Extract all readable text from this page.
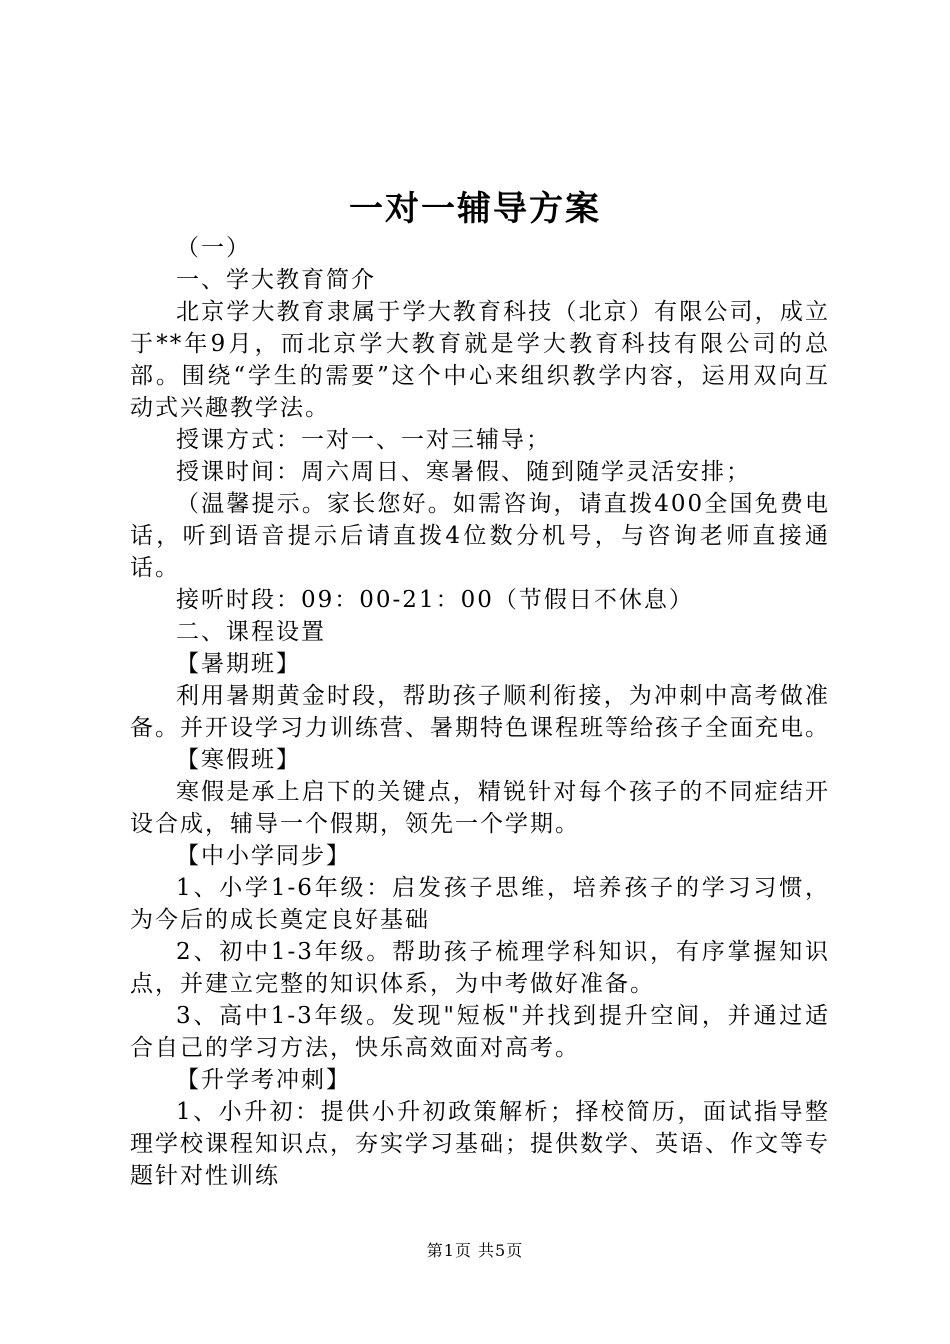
一对一辅导方案

（一）

一、学大教育简介

北京学大教育隶属于学大教育科技（北京）有限公司，成立于**年9月，而北京学大教育就是学大教育科技有限公司的总部。围绕“学生的需要”这个中心来组织教学内容，运用双向互动式兴趣教学法。

授课方式：一对一、一对三辅导；

授课时间：周六周日、寒暑假、随到随学灵活安排；

（温馨提示。家长您好。如需咨询，请直拨400全国免费电话，听到语音提示后请直拨4位数分机号，与咨询老师直接通话。

接听时段：09：00-21：00（节假日不休息）

二、课程设置

【暑期班】

利用暑期黄金时段，帮助孩子顺利衔接，为冲刺中高考做准备。并开设学习力训练营、暑期特色课程班等给孩子全面充电。

【寒假班】

寒假是承上启下的关键点，精锐针对每个孩子的不同症结开设合成，辅导一个假期，领先一个学期。

【中小学同步】

1、小学1-6年级：启发孩子思维，培养孩子的学习习惯，为今后的成长奠定良好基础

2、初中1-3年级。帮助孩子梳理学科知识，有序掌握知识点，并建立完整的知识体系，为中考做好准备。

3、高中1-3年级。发现"短板"并找到提升空间，并通过适合自己的学习方法，快乐高效面对高考。

【升学考冲刺】

1、小升初：提供小升初政策解析；择校简历，面试指导整理学校课程知识点，夯实学习基础；提供数学、英语、作文等专题针对性训练

第1页 共5页
